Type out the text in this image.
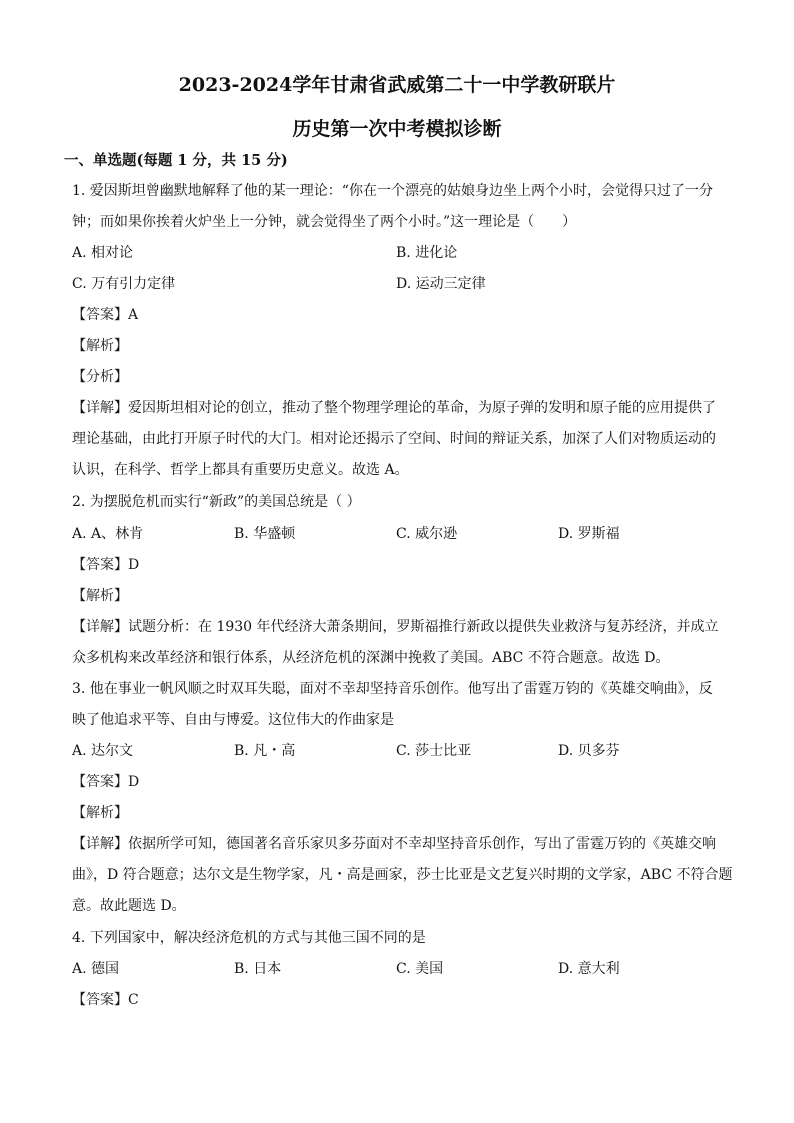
2023-2024学年甘肃省武威第二十一中学教研联片
历史第一次中考模拟诊断
一、单选题(每题 1 分，共 15 分)
1. 爱因斯坦曾幽默地解释了他的某一理论：“你在一个漂亮的姑娘身边坐上两个小时，会觉得只过了一分
钟；而如果你挨着火炉坐上一分钟，就会觉得坐了两个小时。”这一理论是（　　）
A. 相对论	B. 进化论
C. 万有引力定律	D. 运动三定律
【答案】A
【解析】
【分析】
【详解】爱因斯坦相对论的创立，推动了整个物理学理论的革命，为原子弹的发明和原子能的应用提供了
理论基础，由此打开原子时代的大门。相对论还揭示了空间、时间的辩证关系，加深了人们对物质运动的
认识，在科学、哲学上都具有重要历史意义。故选 A。
2. 为摆脱危机而实行“新政”的美国总统是（ ）
A. A、林肯	B. 华盛顿	C. 威尔逊	D. 罗斯福
【答案】D
【解析】
【详解】试题分析：在 1930 年代经济大萧条期间，罗斯福推行新政以提供失业救济与复苏经济，并成立
众多机构来改革经济和银行体系，从经济危机的深渊中挽救了美国。ABC 不符合题意。故选 D。
3. 他在事业一帆风顺之时双耳失聪，面对不幸却坚持音乐创作。他写出了雷霆万钧的《英雄交响曲》，反
映了他追求平等、自由与博爱。这位伟大的作曲家是
A. 达尔文	B. 凡・高	C. 莎士比亚	D. 贝多芬
【答案】D
【解析】
【详解】依据所学可知，德国著名音乐家贝多芬面对不幸却坚持音乐创作，写出了雷霆万钧的《英雄交响
曲》，D 符合题意；达尔文是生物学家，凡・高是画家，莎士比亚是文艺复兴时期的文学家，ABC 不符合题
意。故此题选 D。
4. 下列国家中，解决经济危机的方式与其他三国不同的是
A. 德国	B. 日本	C. 美国	D. 意大利
【答案】C
